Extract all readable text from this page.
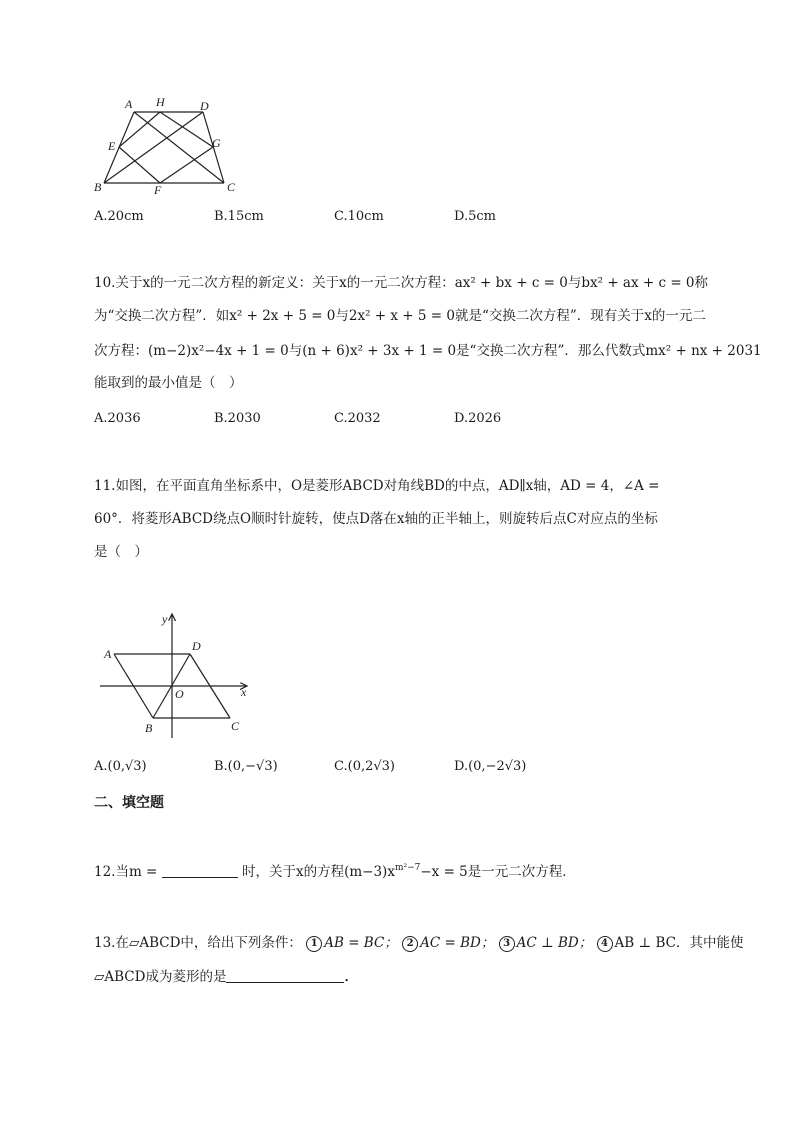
A H	D
E	G
B	F	C
A.20cm	B.15cm	C.10cm	D.5cm
10.关于x的一元二次方程的新定义：关于x的一元二次方程：ax² + bx + c = 0与bx² + ax + c = 0称
为“交换二次方程”．如x² + 2x + 5 = 0与2x² + x + 5 = 0就是“交换二次方程”．现有关于x的一元二
次方程：(m−2)x²−4x + 1 = 0与(n + 6)x² + 3x + 1 = 0是“交换二次方程”．那么代数式mx² + nx + 2031
能取到的最小值是（　）
A.2036	B.2030	C.2032	D.2026
11.如图，在平面直角坐标系中，O是菱形ABCD对角线BD的中点，AD∥x轴，AD = 4，∠A =
60°．将菱形ABCD绕点O顺时针旋转，使点D落在x轴的正半轴上，则旋转后点C对应点的坐标
是（　）
y
x
A
D
O
B	C
A.(0,√3)	B.(0,−√3)	C.(0,2√3)	D.(0,−2√3)
二、填空题
12.当m =	时，关于x的方程$(m-3)x^{m^2-7}-x = 5$是一元二次方程．
13.在▱ABCD中，给出下列条件： 1 AB = BC； 2 AC = BD； 3 AC ⊥ BD； 4 AB ⊥ BC．其中能使
▱ABCD成为菱形的是	．
